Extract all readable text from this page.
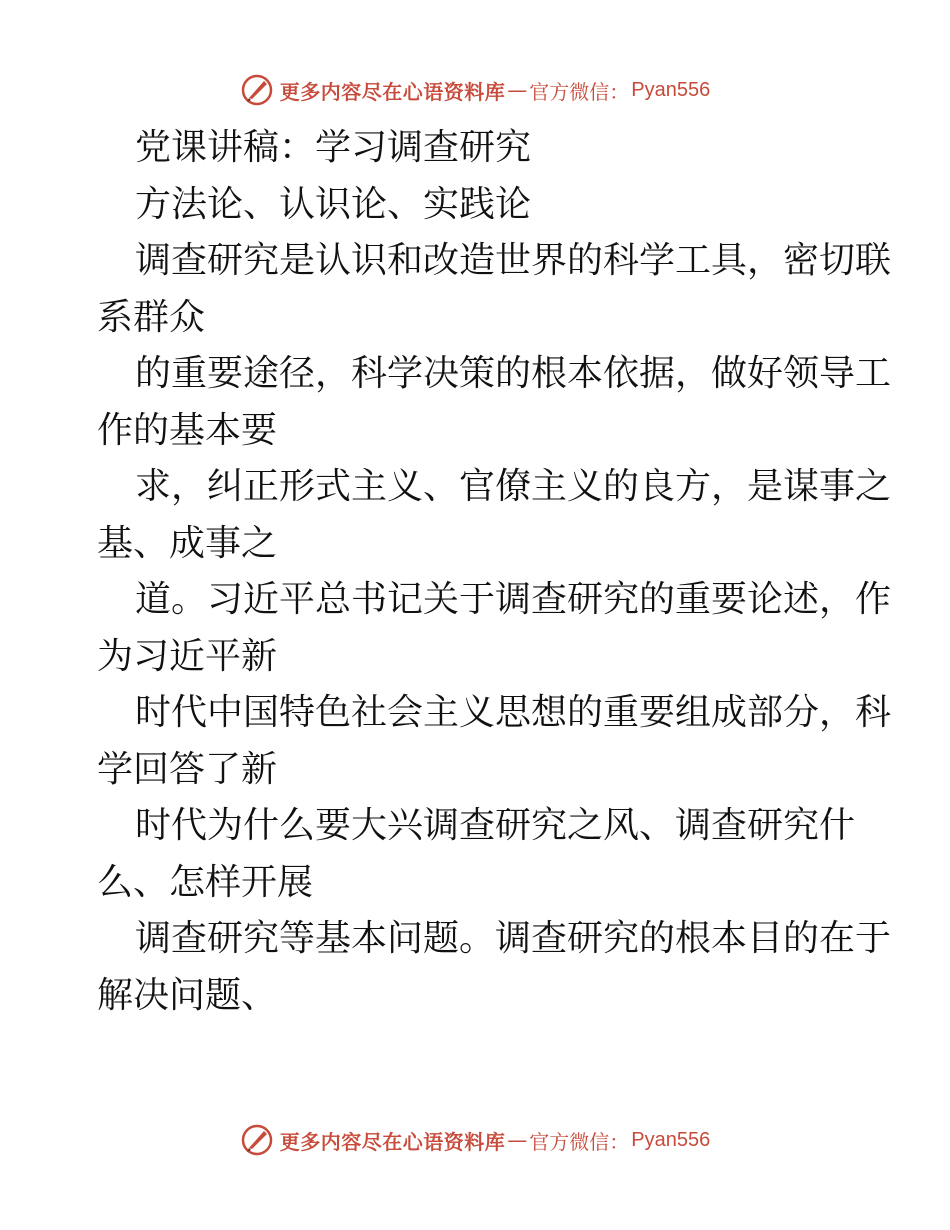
更多内容尽在心语资料库 — 官方微信： Pyan556

党课讲稿：学习调查研究

方法论、认识论、实践论

调查研究是认识和改造世界的科学工具，密切联

系群众

的重要途径，科学决策的根本依据，做好领导工

作的基本要

求，纠正形式主义、官僚主义的良方，是谋事之

基、成事之

道。习近平总书记关于调查研究的重要论述，作

为习近平新

时代中国特色社会主义思想的重要组成部分，科

学回答了新

时代为什么要大兴调查研究之风、调查研究什

么、怎样开展

调查研究等基本问题。调查研究的根本目的在于

解决问题、

更多内容尽在心语资料库 — 官方微信： Pyan556
